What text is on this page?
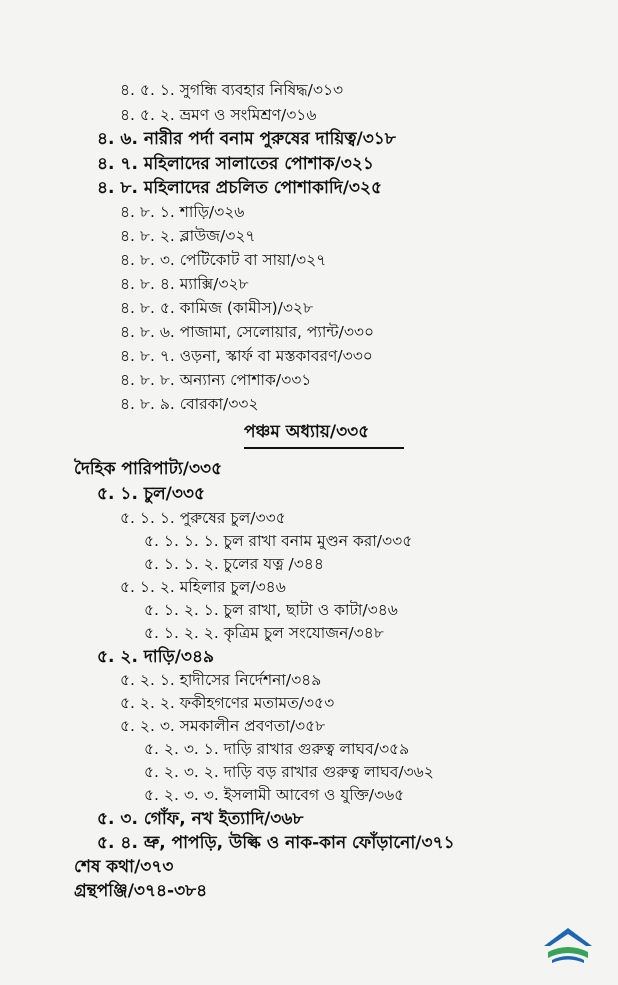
৪. ৫. ১. সুগন্ধি ব্যবহার নিষিদ্ধ/৩১৩
৪. ৫. ২. ভ্রমণ ও সংমিশ্রণ/৩১৬
৪. ৬. নারীর পর্দা বনাম পুরুষের দায়িত্ব/৩১৮
৪. ৭. মহিলাদের সালাতের পোশাক/৩২১
৪. ৮. মহিলাদের প্রচলিত পোশাকাদি/৩২৫
৪. ৮. ১. শাড়ি/৩২৬
৪. ৮. ২. ব্লাউজ/৩২৭
৪. ৮. ৩. পেটিকোট বা সায়া/৩২৭
৪. ৮. ৪. ম্যাক্সি/৩২৮
৪. ৮. ৫. কামিজ (কামীস)/৩২৮
৪. ৮. ৬. পাজামা, সেলোয়ার, প্যান্ট/৩৩০
৪. ৮. ৭. ওড়না, স্কার্ফ বা মস্তকাবরণ/৩৩০
৪. ৮. ৮. অন্যান্য পোশাক/৩৩১
৪. ৮. ৯. বোরকা/৩৩২
পঞ্চম অধ্যায়/৩৩৫
দৈহিক পারিপাট্য/৩৩৫
৫. ১. চুল/৩৩৫
৫. ১. ১. পুরুষের চুল/৩৩৫
৫. ১. ১. ১. চুল রাখা বনাম মুণ্ডন করা/৩৩৫
৫. ১. ১. ২. চুলের যত্ন /৩৪৪
৫. ১. ২. মহিলার চুল/৩৪৬
৫. ১. ২. ১. চুল রাখা, ছাটা ও কাটা/৩৪৬
৫. ১. ২. ২. কৃত্রিম চুল সংযোজন/৩৪৮
৫. ২. দাড়ি/৩৪৯
৫. ২. ১. হাদীসের নির্দেশনা/৩৪৯
৫. ২. ২. ফকীহগণের মতামত/৩৫৩
৫. ২. ৩. সমকালীন প্রবণতা/৩৫৮
৫. ২. ৩. ১. দাড়ি রাখার গুরুত্ব লাঘব/৩৫৯
৫. ২. ৩. ২. দাড়ি বড় রাখার গুরুত্ব লাঘব/৩৬২
৫. ২. ৩. ৩. ইসলামী আবেগ ও যুক্তি/৩৬৫
৫. ৩. গোঁফ, নখ ইত্যাদি/৩৬৮
৫. ৪. ভ্রু, পাপড়ি, উল্কি ও নাক-কান ফোঁড়ানো/৩৭১
শেষ কথা/৩৭৩
গ্রন্থপঞ্জি/৩৭৪-৩৮৪
